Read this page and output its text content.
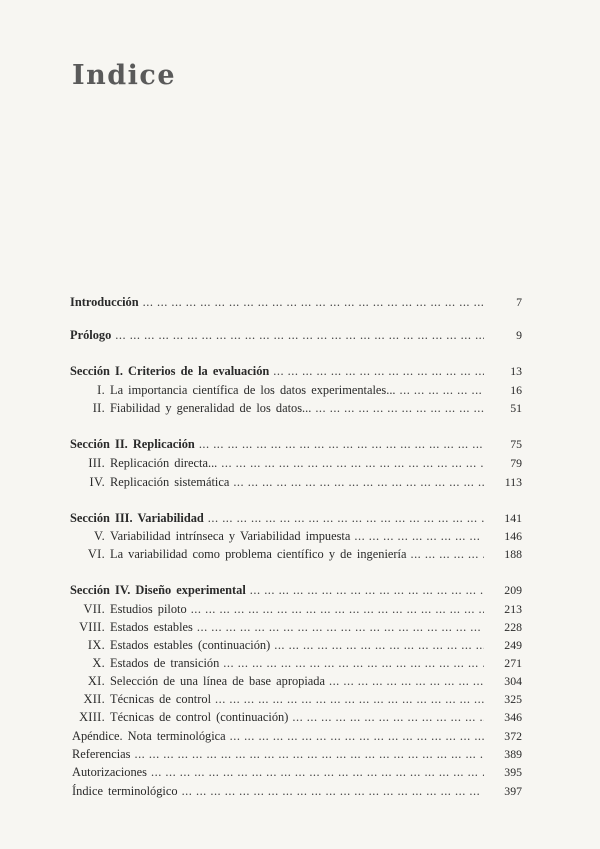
Indice
Introducción ... .	7
Prólogo ... .	9
Sección I. Criterios de la evaluación ... .	13
I. La importancia científica de los datos experimentales... ... .	16
II. Fiabilidad y generalidad de los datos... ... .	51
Sección II. Replicación ... .	75
III. Replicación directa... ... .	79
IV. Replicación sistemática ... .	113
Sección III. Variabilidad ... .	141
V. Variabilidad intrínseca y Variabilidad impuesta ... .	146
VI. La variabilidad como problema científico y de ingeniería ... .	188
Sección IV. Diseño experimental ... .	209
VII. Estudios piloto ... .	213
VIII. Estados estables ... .	228
IX. Estados estables (continuación) ... .	249
X. Estados de transición ... .	271
XI. Selección de una línea de base apropiada ... .	304
XII. Técnicas de control ... .	325
XIII. Técnicas de control (continuación) ... .	346
Apéndice. Nota terminológica ... .	372
Referencias ... .	389
Autorizaciones ... .	395
Índice terminológico ... .	397
